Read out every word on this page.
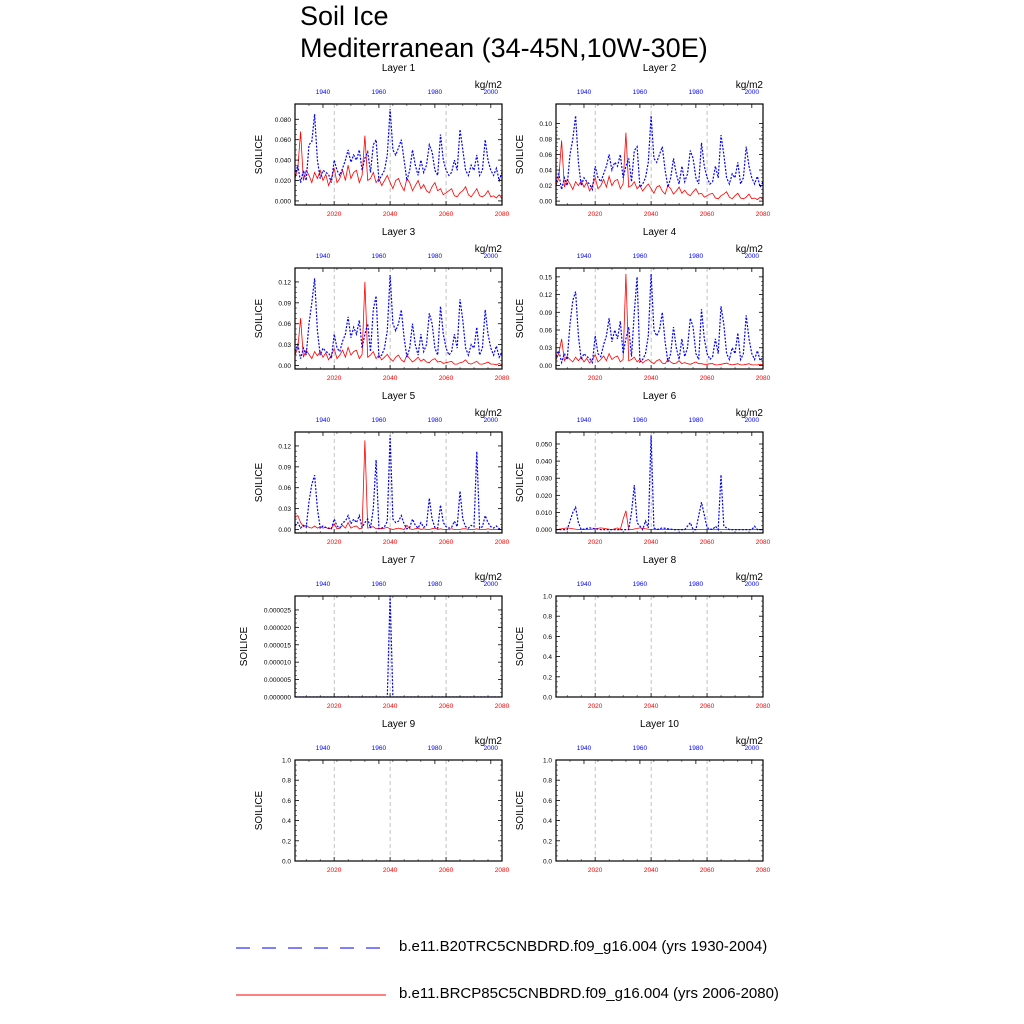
Soil Ice
Mediterranean (34-45N,10W-30E)
Layer 1
kg/m2
SOILICE
0.000
0.020
0.040
0.060
0.080
2020	2040	2060	2080
1940	1960	1980	2000
Layer 2
kg/m2
SOILICE
0.00
0.02
0.04
0.06
0.08
0.10
2020	2040	2060	2080
1940	1960	1980	2000
Layer 3
kg/m2
SOILICE
0.00
0.03
0.06
0.09
0.12
2020	2040	2060	2080
1940	1960	1980	2000
Layer 4
kg/m2
SOILICE
0.00
0.03
0.06
0.09
0.12
0.15
2020	2040	2060	2080
1940	1960	1980	2000
Layer 5
kg/m2
SOILICE
0.00
0.03
0.06
0.09
0.12
2020	2040	2060	2080
1940	1960	1980	2000
Layer 6
kg/m2
SOILICE
0.000
0.010
0.020
0.030
0.040
0.050
2020	2040	2060	2080
1940	1960	1980	2000
Layer 7
kg/m2
SOILICE
0.000000
0.000005
0.000010
0.000015
0.000020
0.000025
2020	2040	2060	2080
1940	1960	1980	2000
Layer 8
kg/m2
SOILICE
0.0
0.2
0.4
0.6
0.8
1.0
2020	2040	2060	2080
1940	1960	1980	2000
Layer 9
kg/m2
SOILICE
0.0
0.2
0.4
0.6
0.8
1.0
2020	2040	2060	2080
1940	1960	1980	2000
Layer 10
kg/m2
SOILICE
0.0
0.2
0.4
0.6
0.8
1.0
2020	2040	2060	2080
1940	1960	1980	2000
b.e11.B20TRC5CNBDRD.f09_g16.004 (yrs 1930-2004)
b.e11.BRCP85C5CNBDRD.f09_g16.004 (yrs 2006-2080)
